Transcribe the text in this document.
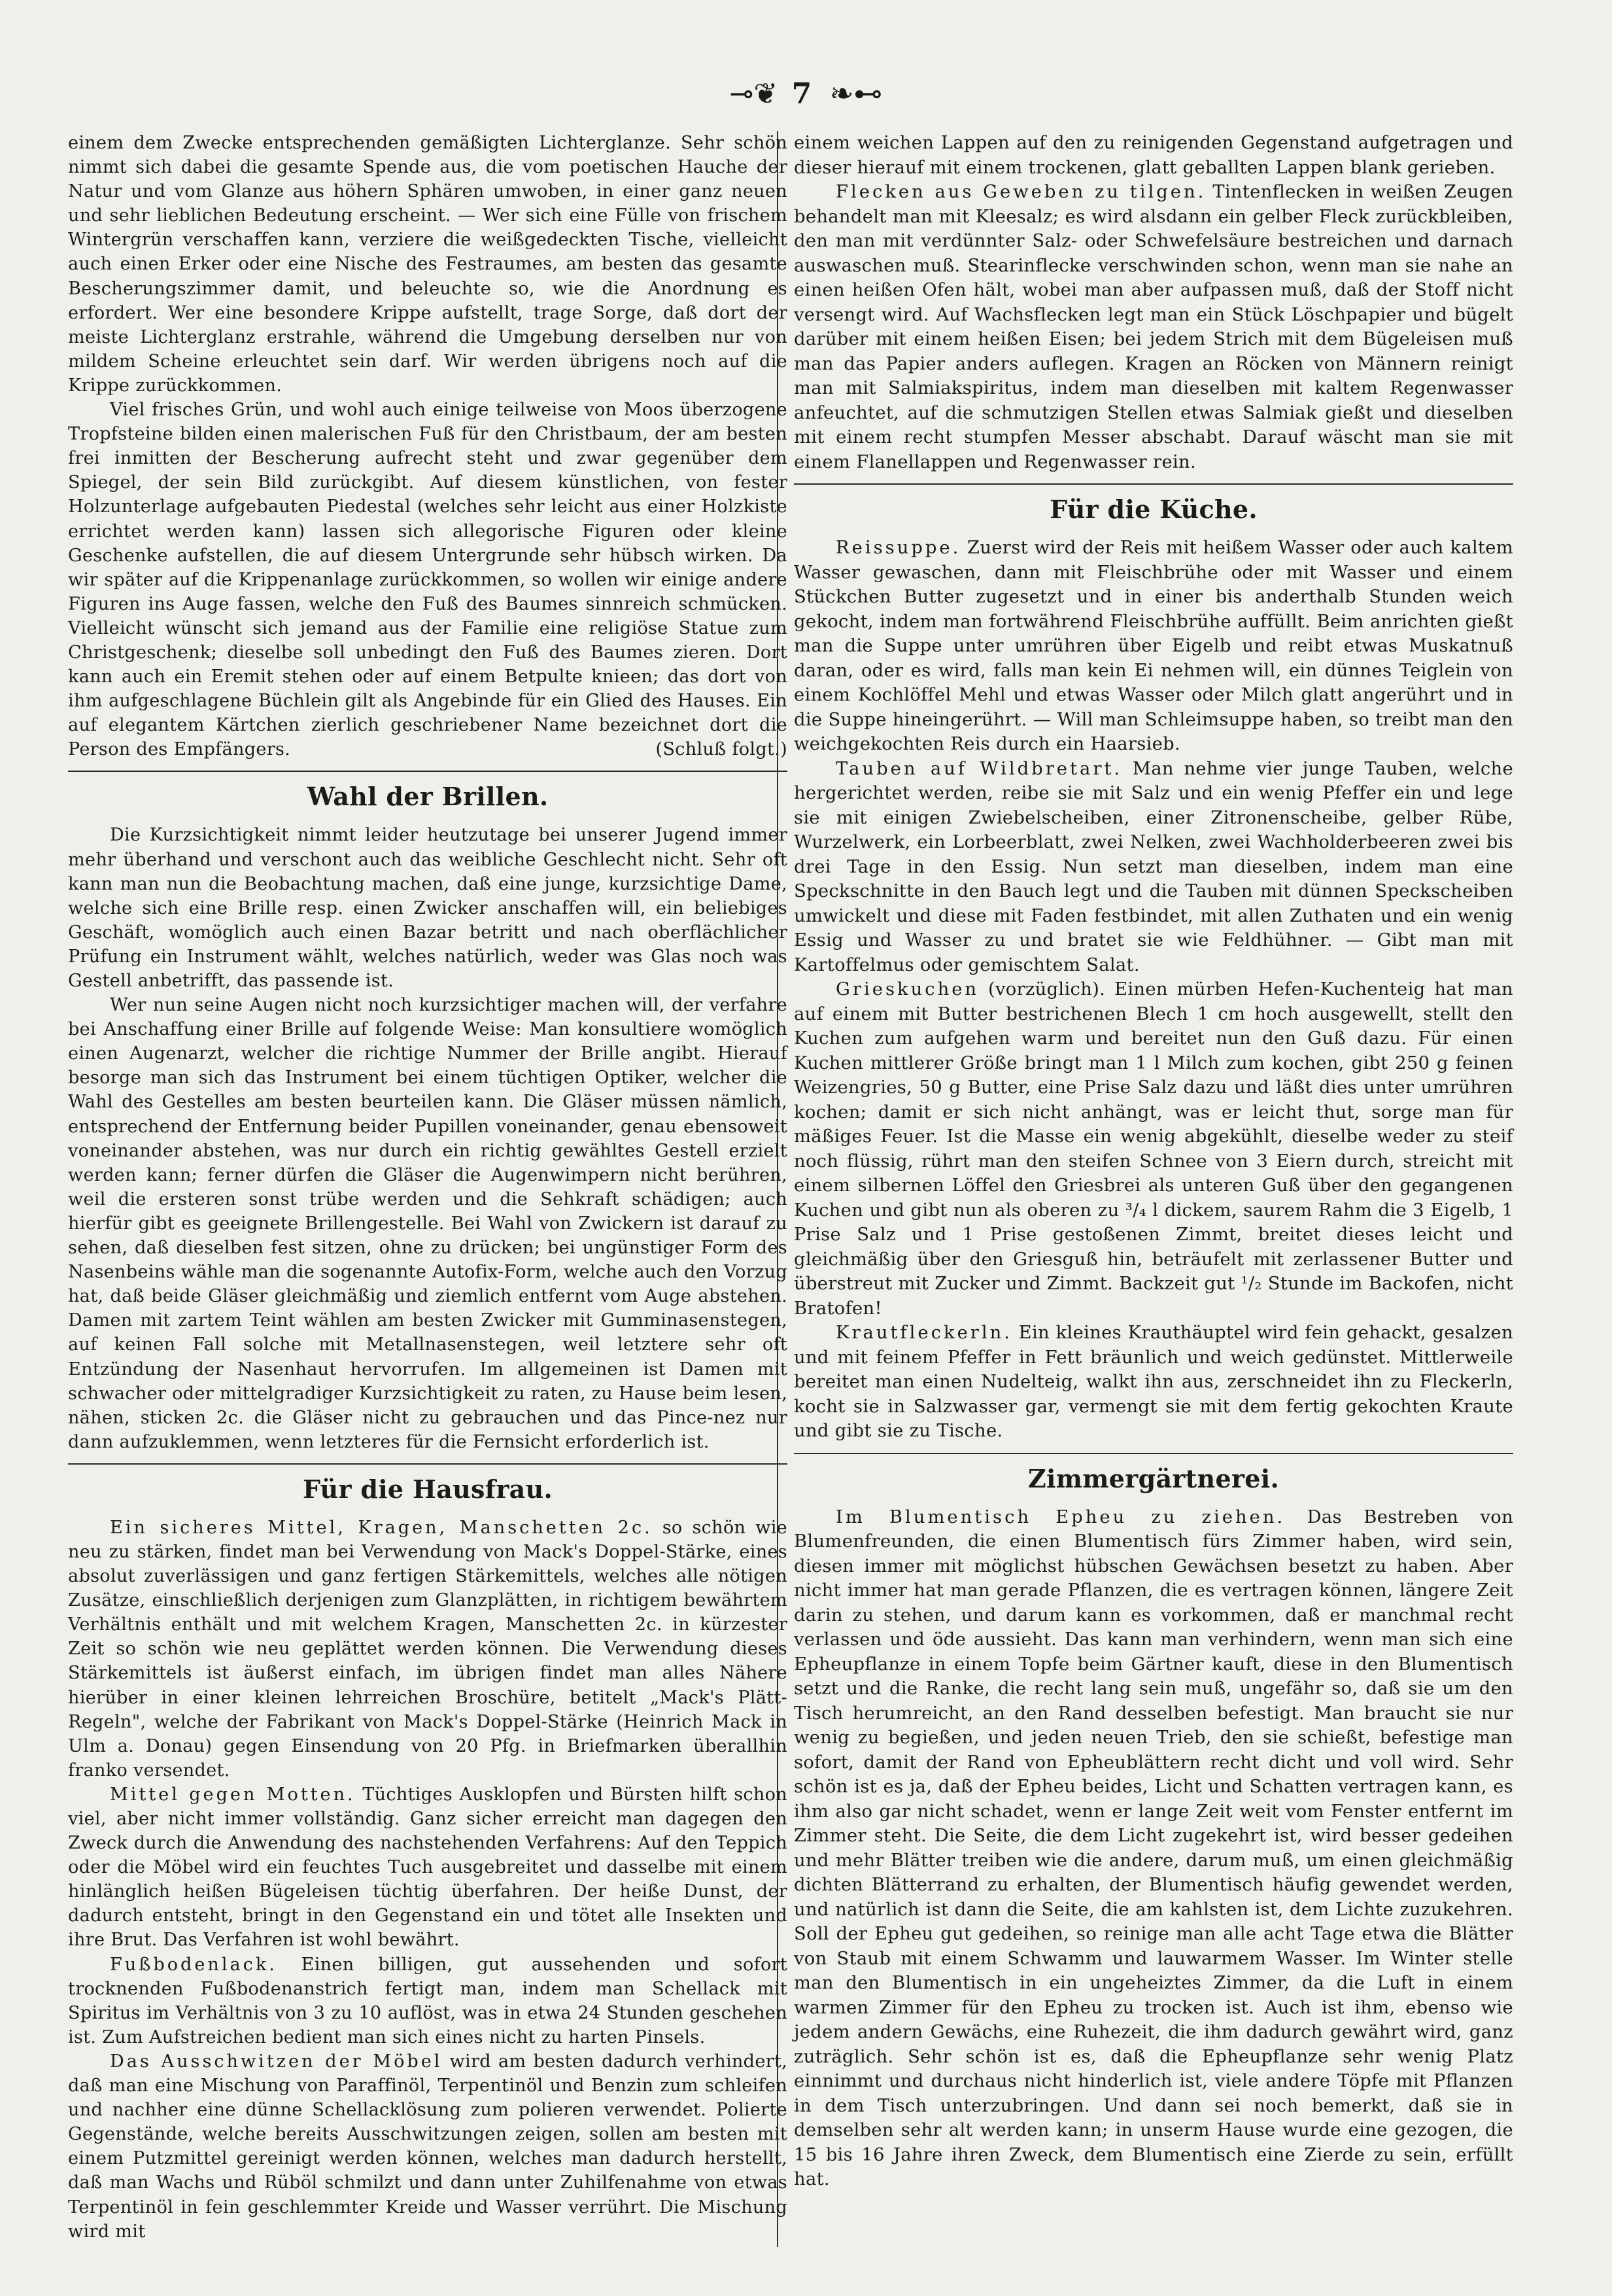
⊸❦ 7 ❧⊷

einem dem Zwecke entsprechenden gemäßigten Lichterglanze. Sehr schön nimmt sich dabei die gesamte Spende aus, die vom poetischen Hauche der Natur und vom Glanze aus höhern Sphären umwoben, in einer ganz neuen und sehr lieblichen Bedeutung erscheint. — Wer sich eine Fülle von frischem Wintergrün verschaffen kann, verziere die weißgedeckten Tische, vielleicht auch einen Erker oder eine Nische des Festraumes, am besten das gesamte Bescherungszimmer damit, und beleuchte so, wie die Anordnung es erfordert. Wer eine besondere Krippe aufstellt, trage Sorge, daß dort der meiste Lichterglanz erstrahle, während die Umgebung derselben nur von mildem Scheine erleuchtet sein darf. Wir werden übrigens noch auf die Krippe zurückkommen.

Viel frisches Grün, und wohl auch einige teilweise von Moos überzogene Tropfsteine bilden einen malerischen Fuß für den Christbaum, der am besten frei inmitten der Bescherung aufrecht steht und zwar gegenüber dem Spiegel, der sein Bild zurückgibt. Auf diesem künstlichen, von fester Holzunterlage aufgebauten Piedestal (welches sehr leicht aus einer Holzkiste errichtet werden kann) lassen sich allegorische Figuren oder kleine Geschenke aufstellen, die auf diesem Untergrunde sehr hübsch wirken. Da wir später auf die Krippenanlage zurückkommen, so wollen wir einige andere Figuren ins Auge fassen, welche den Fuß des Baumes sinnreich schmücken. Vielleicht wünscht sich jemand aus der Familie eine religiöse Statue zum Christgeschenk; dieselbe soll unbedingt den Fuß des Baumes zieren. Dort kann auch ein Eremit stehen oder auf einem Betpulte knieen; das dort von ihm aufgeschlagene Büchlein gilt als Angebinde für ein Glied des Hauses. Ein auf elegantem Kärtchen zierlich geschriebener Name bezeichnet dort die Person des Empfängers.	(Schluß folgt.)

Wahl der Brillen.

Die Kurzsichtigkeit nimmt leider heutzutage bei unserer Jugend immer mehr überhand und verschont auch das weibliche Geschlecht nicht. Sehr oft kann man nun die Beobachtung machen, daß eine junge, kurzsichtige Dame, welche sich eine Brille resp. einen Zwicker anschaffen will, ein beliebiges Geschäft, womöglich auch einen Bazar betritt und nach oberflächlicher Prüfung ein Instrument wählt, welches natürlich, weder was Glas noch was Gestell anbetrifft, das passende ist.

Wer nun seine Augen nicht noch kurzsichtiger machen will, der verfahre bei Anschaffung einer Brille auf folgende Weise: Man konsultiere womöglich einen Augenarzt, welcher die richtige Nummer der Brille angibt. Hierauf besorge man sich das Instrument bei einem tüchtigen Optiker, welcher die Wahl des Gestelles am besten beurteilen kann. Die Gläser müssen nämlich, entsprechend der Entfernung beider Pupillen voneinander, genau ebensoweit voneinander abstehen, was nur durch ein richtig gewähltes Gestell erzielt werden kann; ferner dürfen die Gläser die Augenwimpern nicht berühren, weil die ersteren sonst trübe werden und die Sehkraft schädigen; auch hierfür gibt es geeignete Brillengestelle. Bei Wahl von Zwickern ist darauf zu sehen, daß dieselben fest sitzen, ohne zu drücken; bei ungünstiger Form des Nasenbeins wähle man die sogenannte Autofix-Form, welche auch den Vorzug hat, daß beide Gläser gleichmäßig und ziemlich entfernt vom Auge abstehen. Damen mit zartem Teint wählen am besten Zwicker mit Gumminasenstegen, auf keinen Fall solche mit Metallnasenstegen, weil letztere sehr oft Entzündung der Nasenhaut hervorrufen. Im allgemeinen ist Damen mit schwacher oder mittelgradiger Kurzsichtigkeit zu raten, zu Hause beim lesen, nähen, sticken 2c. die Gläser nicht zu gebrauchen und das Pince-nez nur dann aufzuklemmen, wenn letzteres für die Fernsicht erforderlich ist.

Für die Hausfrau.

Ein sicheres Mittel, Kragen, Manschetten 2c. so schön wie neu zu stärken, findet man bei Verwendung von Mack's Doppel-Stärke, eines absolut zuverlässigen und ganz fertigen Stärkemittels, welches alle nötigen Zusätze, einschließlich derjenigen zum Glanzplätten, in richtigem bewährtem Verhältnis enthält und mit welchem Kragen, Manschetten 2c. in kürzester Zeit so schön wie neu geplättet werden können. Die Verwendung dieses Stärkemittels ist äußerst einfach, im übrigen findet man alles Nähere hierüber in einer kleinen lehrreichen Broschüre, betitelt „Mack's Plätt-Regeln", welche der Fabrikant von Mack's Doppel-Stärke (Heinrich Mack in Ulm a. Donau) gegen Einsendung von 20 Pfg. in Briefmarken überallhin franko versendet.

Mittel gegen Motten. Tüchtiges Ausklopfen und Bürsten hilft schon viel, aber nicht immer vollständig. Ganz sicher erreicht man dagegen den Zweck durch die Anwendung des nachstehenden Verfahrens: Auf den Teppich oder die Möbel wird ein feuchtes Tuch ausgebreitet und dasselbe mit einem hinlänglich heißen Bügeleisen tüchtig überfahren. Der heiße Dunst, der dadurch entsteht, bringt in den Gegenstand ein und tötet alle Insekten und ihre Brut. Das Verfahren ist wohl bewährt.

Fußbodenlack. Einen billigen, gut aussehenden und sofort trocknenden Fußbodenanstrich fertigt man, indem man Schellack mit Spiritus im Verhältnis von 3 zu 10 auflöst, was in etwa 24 Stunden geschehen ist. Zum Aufstreichen bedient man sich eines nicht zu harten Pinsels.

Das Ausschwitzen der Möbel wird am besten dadurch verhindert, daß man eine Mischung von Paraffinöl, Terpentinöl und Benzin zum schleifen und nachher eine dünne Schellacklösung zum polieren verwendet. Polierte Gegenstände, welche bereits Ausschwitzungen zeigen, sollen am besten mit einem Putzmittel gereinigt werden können, welches man dadurch herstellt, daß man Wachs und Rüböl schmilzt und dann unter Zuhilfenahme von etwas Terpentinöl in fein geschlemmter Kreide und Wasser verrührt. Die Mischung wird mit

einem weichen Lappen auf den zu reinigenden Gegenstand aufgetragen und dieser hierauf mit einem trockenen, glatt geballten Lappen blank gerieben.

Flecken aus Geweben zu tilgen. Tintenflecken in weißen Zeugen behandelt man mit Kleesalz; es wird alsdann ein gelber Fleck zurückbleiben, den man mit verdünnter Salz- oder Schwefelsäure bestreichen und darnach auswaschen muß. Stearinflecke verschwinden schon, wenn man sie nahe an einen heißen Ofen hält, wobei man aber aufpassen muß, daß der Stoff nicht versengt wird. Auf Wachsflecken legt man ein Stück Löschpapier und bügelt darüber mit einem heißen Eisen; bei jedem Strich mit dem Bügeleisen muß man das Papier anders auflegen. Kragen an Röcken von Männern reinigt man mit Salmiakspiritus, indem man dieselben mit kaltem Regenwasser anfeuchtet, auf die schmutzigen Stellen etwas Salmiak gießt und dieselben mit einem recht stumpfen Messer abschabt. Darauf wäscht man sie mit einem Flanellappen und Regenwasser rein.

Für die Küche.

Reissuppe. Zuerst wird der Reis mit heißem Wasser oder auch kaltem Wasser gewaschen, dann mit Fleischbrühe oder mit Wasser und einem Stückchen Butter zugesetzt und in einer bis anderthalb Stunden weich gekocht, indem man fortwährend Fleischbrühe auffüllt. Beim anrichten gießt man die Suppe unter umrühren über Eigelb und reibt etwas Muskatnuß daran, oder es wird, falls man kein Ei nehmen will, ein dünnes Teiglein von einem Kochlöffel Mehl und etwas Wasser oder Milch glatt angerührt und in die Suppe hineingerührt. — Will man Schleimsuppe haben, so treibt man den weichgekochten Reis durch ein Haarsieb.

Tauben auf Wildbretart. Man nehme vier junge Tauben, welche hergerichtet werden, reibe sie mit Salz und ein wenig Pfeffer ein und lege sie mit einigen Zwiebelscheiben, einer Zitronenscheibe, gelber Rübe, Wurzelwerk, ein Lorbeerblatt, zwei Nelken, zwei Wachholderbeeren zwei bis drei Tage in den Essig. Nun setzt man dieselben, indem man eine Speckschnitte in den Bauch legt und die Tauben mit dünnen Speckscheiben umwickelt und diese mit Faden festbindet, mit allen Zuthaten und ein wenig Essig und Wasser zu und bratet sie wie Feldhühner. — Gibt man mit Kartoffelmus oder gemischtem Salat.

Grieskuchen (vorzüglich). Einen mürben Hefen-Kuchenteig hat man auf einem mit Butter bestrichenen Blech 1 cm hoch ausgewellt, stellt den Kuchen zum aufgehen warm und bereitet nun den Guß dazu. Für einen Kuchen mittlerer Größe bringt man 1 l Milch zum kochen, gibt 250 g feinen Weizengries, 50 g Butter, eine Prise Salz dazu und läßt dies unter umrühren kochen; damit er sich nicht anhängt, was er leicht thut, sorge man für mäßiges Feuer. Ist die Masse ein wenig abgekühlt, dieselbe weder zu steif noch flüssig, rührt man den steifen Schnee von 3 Eiern durch, streicht mit einem silbernen Löffel den Griesbrei als unteren Guß über den gegangenen Kuchen und gibt nun als oberen zu ³/₄ l dickem, saurem Rahm die 3 Eigelb, 1 Prise Salz und 1 Prise gestoßenen Zimmt, breitet dieses leicht und gleichmäßig über den Griesguß hin, beträufelt mit zerlassener Butter und überstreut mit Zucker und Zimmt. Backzeit gut ¹/₂ Stunde im Backofen, nicht Bratofen!

Krautfleckerln. Ein kleines Krauthäuptel wird fein gehackt, gesalzen und mit feinem Pfeffer in Fett bräunlich und weich gedünstet. Mittlerweile bereitet man einen Nudelteig, walkt ihn aus, zerschneidet ihn zu Fleckerln, kocht sie in Salzwasser gar, vermengt sie mit dem fertig gekochten Kraute und gibt sie zu Tische.

Zimmergärtnerei.

Im Blumentisch Epheu zu ziehen. Das Bestreben von Blumenfreunden, die einen Blumentisch fürs Zimmer haben, wird sein, diesen immer mit möglichst hübschen Gewächsen besetzt zu haben. Aber nicht immer hat man gerade Pflanzen, die es vertragen können, längere Zeit darin zu stehen, und darum kann es vorkommen, daß er manchmal recht verlassen und öde aussieht. Das kann man verhindern, wenn man sich eine Epheupflanze in einem Topfe beim Gärtner kauft, diese in den Blumentisch setzt und die Ranke, die recht lang sein muß, ungefähr so, daß sie um den Tisch herumreicht, an den Rand desselben befestigt. Man braucht sie nur wenig zu begießen, und jeden neuen Trieb, den sie schießt, befestige man sofort, damit der Rand von Epheublättern recht dicht und voll wird. Sehr schön ist es ja, daß der Epheu beides, Licht und Schatten vertragen kann, es ihm also gar nicht schadet, wenn er lange Zeit weit vom Fenster entfernt im Zimmer steht. Die Seite, die dem Licht zugekehrt ist, wird besser gedeihen und mehr Blätter treiben wie die andere, darum muß, um einen gleichmäßig dichten Blätterrand zu erhalten, der Blumentisch häufig gewendet werden, und natürlich ist dann die Seite, die am kahlsten ist, dem Lichte zuzukehren. Soll der Epheu gut gedeihen, so reinige man alle acht Tage etwa die Blätter von Staub mit einem Schwamm und lauwarmem Wasser. Im Winter stelle man den Blumentisch in ein ungeheiztes Zimmer, da die Luft in einem warmen Zimmer für den Epheu zu trocken ist. Auch ist ihm, ebenso wie jedem andern Gewächs, eine Ruhezeit, die ihm dadurch gewährt wird, ganz zuträglich. Sehr schön ist es, daß die Epheupflanze sehr wenig Platz einnimmt und durchaus nicht hinderlich ist, viele andere Töpfe mit Pflanzen in dem Tisch unterzubringen. Und dann sei noch bemerkt, daß sie in demselben sehr alt werden kann; in unserm Hause wurde eine gezogen, die 15 bis 16 Jahre ihren Zweck, dem Blumentisch eine Zierde zu sein, erfüllt hat.
